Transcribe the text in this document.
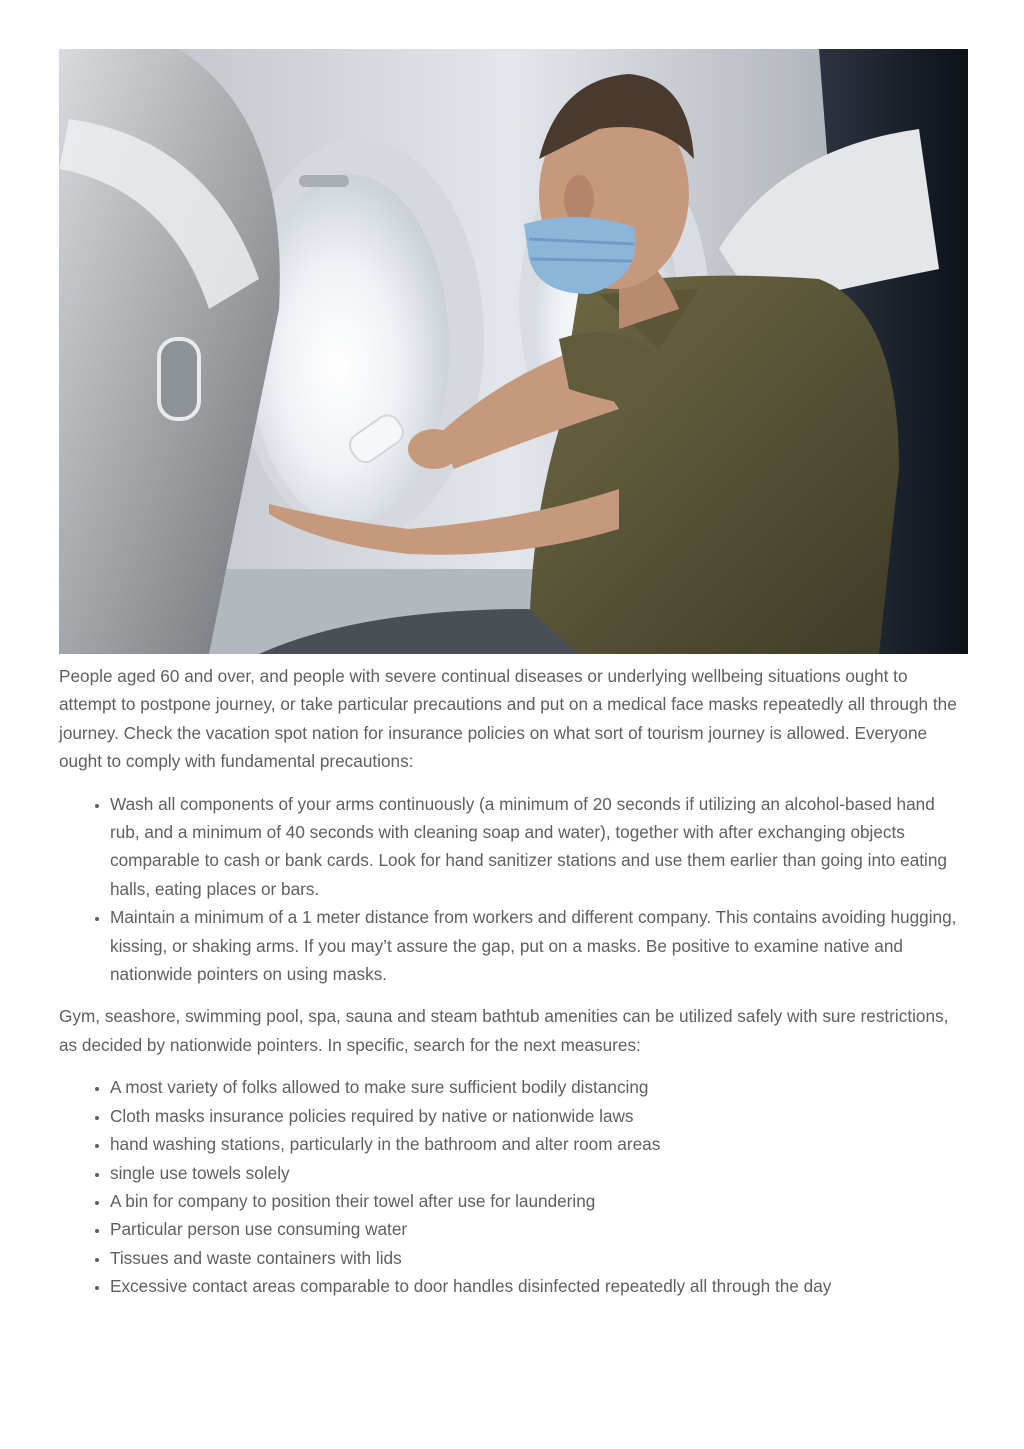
People aged 60 and over, and people with severe continual diseases or underlying wellbeing situations ought to attempt to postpone journey, or take particular precautions and put on a medical face masks repeatedly all through the journey. Check the vacation spot nation for insurance policies on what sort of tourism journey is allowed. Everyone ought to comply with fundamental precautions:

• Wash all components of your arms continuously (a minimum of 20 seconds if utilizing an alcohol-based hand rub, and a minimum of 40 seconds with cleaning soap and water), together with after exchanging objects comparable to cash or bank cards. Look for hand sanitizer stations and use them earlier than going into eating halls, eating places or bars.
• Maintain a minimum of a 1 meter distance from workers and different company. This contains avoiding hugging, kissing, or shaking arms. If you may’t assure the gap, put on a masks. Be positive to examine native and nationwide pointers on using masks.

Gym, seashore, swimming pool, spa, sauna and steam bathtub amenities can be utilized safely with sure restrictions, as decided by nationwide pointers. In specific, search for the next measures:

• A most variety of folks allowed to make sure sufficient bodily distancing
• Cloth masks insurance policies required by native or nationwide laws
• hand washing stations, particularly in the bathroom and alter room areas
• single use towels solely
• A bin for company to position their towel after use for laundering
• Particular person use consuming water
• Tissues and waste containers with lids
• Excessive contact areas comparable to door handles disinfected repeatedly all through the day
